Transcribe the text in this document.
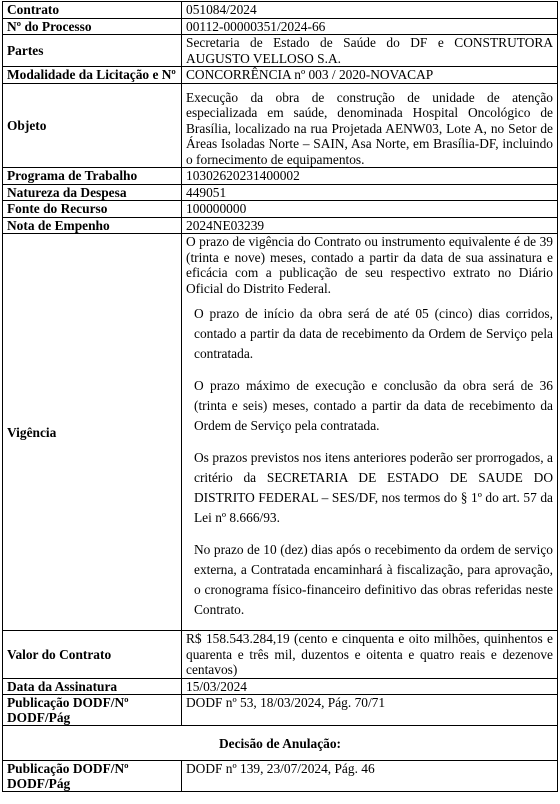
Contrato	051084/2024
Nº do Processo	00112-00000351/2024-66
Partes	Secretaria de Estado de Saúde do DF e CONSTRUTORA AUGUSTO VELLOSO S.A.
Modalidade da Licitação e Nº	CONCORRÊNCIA nº 003 / 2020-NOVACAP
Objeto	Execução da obra de construção de unidade de atenção especializada em saúde, denominada Hospital Oncológico de Brasília, localizado na rua Projetada AENW03, Lote A, no Setor de Áreas Isoladas Norte – SAIN, Asa Norte, em Brasília-DF, incluindo o fornecimento de equipamentos.
Programa de Trabalho	10302620231400002
Natureza da Despesa	449051
Fonte do Recurso	100000000
Nota de Empenho	2024NE03239
Vigência	O prazo de vigência do Contrato ou instrumento equivalente é de 39 (trinta e nove) meses, contado a partir da data de sua assinatura e eficácia com a publicação de seu respectivo extrato no Diário Oficial do Distrito Federal.

O prazo de início da obra será de até 05 (cinco) dias corridos, contado a partir da data de recebimento da Ordem de Serviço pela contratada.

O prazo máximo de execução e conclusão da obra será de 36 (trinta e seis) meses, contado a partir da data de recebimento da Ordem de Serviço pela contratada.

Os prazos previstos nos itens anteriores poderão ser prorrogados, a critério da SECRETARIA DE ESTADO DE SAUDE DO DISTRITO FEDERAL – SES/DF, nos termos do § 1º do art. 57 da Lei nº 8.666/93.

No prazo de 10 (dez) dias após o recebimento da ordem de serviço externa, a Contratada encaminhará à fiscalização, para aprovação, o cronograma físico-financeiro definitivo das obras referidas neste Contrato.

Valor do Contrato	R$ 158.543.284,19 (cento e cinquenta e oito milhões, quinhentos e quarenta e três mil, duzentos e oitenta e quatro reais e dezenove centavos)
Data da Assinatura	15/03/2024
Publicação DODF/Nº DODF/Pág	DODF nº 53, 18/03/2024, Pág. 70/71
Decisão de Anulação:	
Publicação DODF/Nº DODF/Pág	DODF nº 139, 23/07/2024, Pág. 46
